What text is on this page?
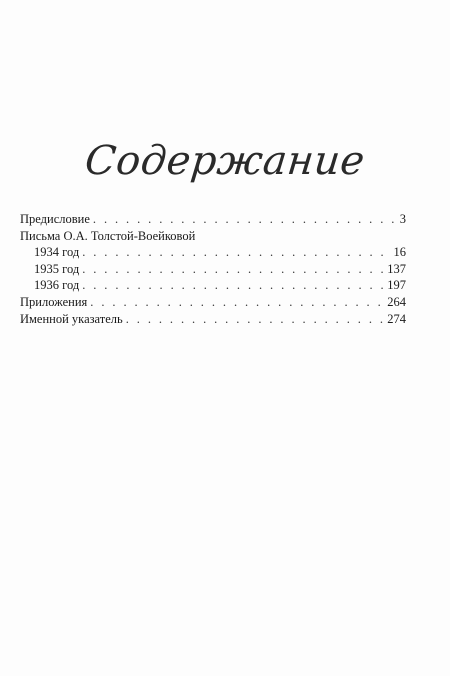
Содержание
Предисловие . . .	3
Письма О.А. Толстой-Воейковой
1934 год . . .	16
1935 год . . .	137
1936 год . . .	197
Приложения . . .	264
Именной указатель . . .	274
